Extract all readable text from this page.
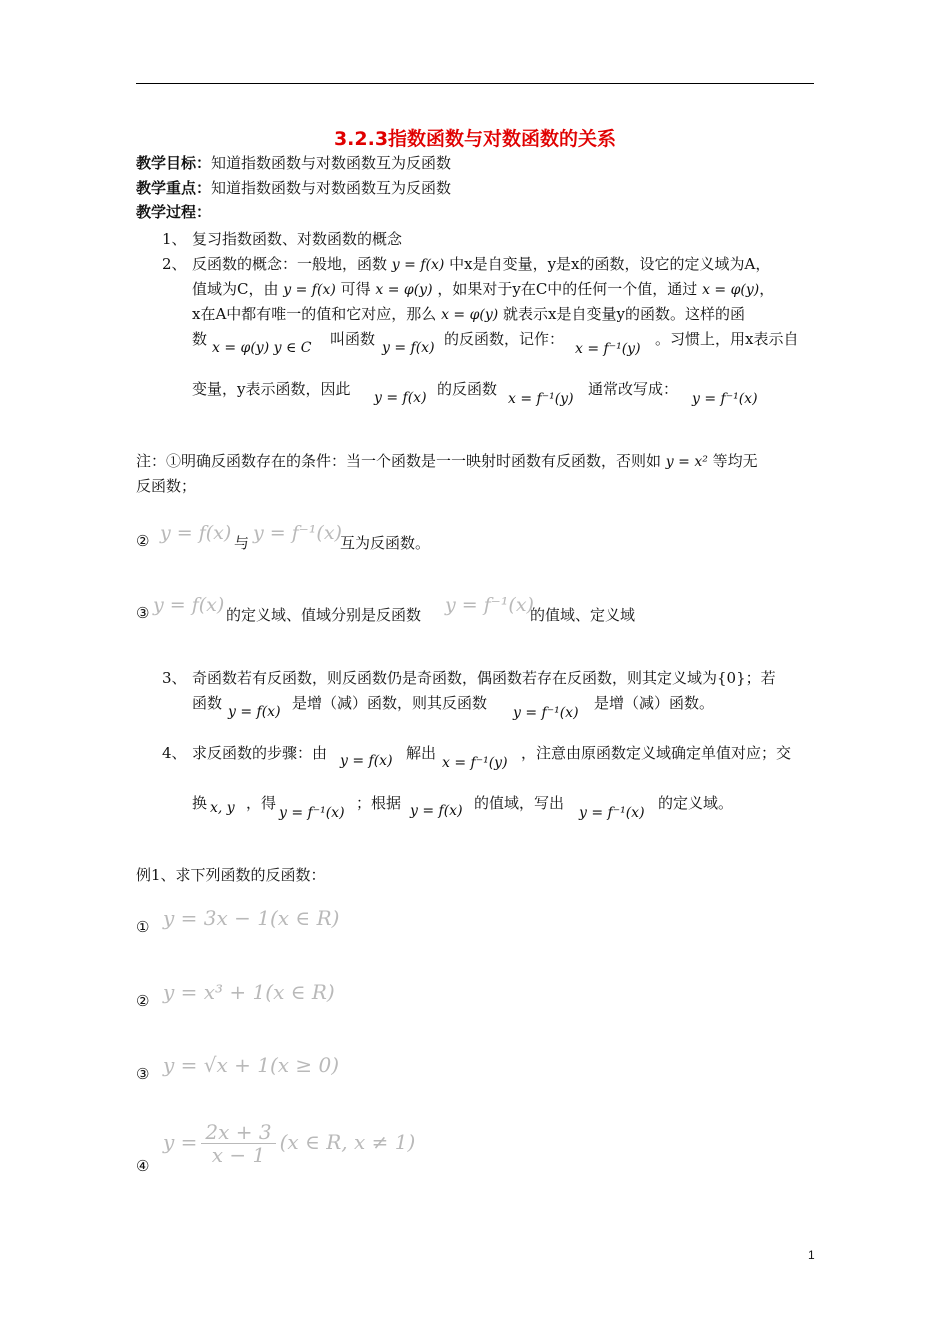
3.2.3指数函数与对数函数的关系
教学目标：知道指数函数与对数函数互为反函数
教学重点：知道指数函数与对数函数互为反函数
教学过程：
1、 复习指数函数、对数函数的概念
2、 反函数的概念：一般地，函数 y = f(x) 中x是自变量，y是x的函数，设它的定义域为A，
值域为C，由 y = f(x) 可得 x = φ(y) ，如果对于y在C中的任何一个值，通过 x = φ(y)，
x在A中都有唯一的值和它对应，那么 x = φ(y) 就表示x是自变量y的函数。这样的函
数 x = φ(y) y ∈ C 叫函数 y = f(x) 的反函数，记作：
x = f⁻¹(y)
。习惯上，用x表示自
变量，y表示函数，因此 y = f(x) 的反函数
x = f⁻¹(y)
通常改写成：
y = f⁻¹(x)
注：①明确反函数存在的条件：当一个函数是一一映射时函数有反函数，否则如 y = x² 等均无
反函数；
② y = f(x) 与 y = f⁻¹(x)
互为反函数。
③ y = f(x) 的定义域、值域分别是反函数 y = f⁻¹(x)
的值域、定义域
3、 奇函数若有反函数，则反函数仍是奇函数，偶函数若存在反函数，则其定义域为{0}；若
函数 y = f(x) 是增（减）函数，则其反函数
y = f⁻¹(x)
是增（减）函数。
4、 求反函数的步骤：由 y = f(x) 解出
x = f⁻¹(y)
，注意由原函数定义域确定单值对应；交
换 x, y ，得
y = f⁻¹(x)
；根据 y = f(x) 的值域，写出
y = f⁻¹(x)
的定义域。
例1、求下列函数的反函数：
① y = 3x − 1(x ∈ R)
② y = x³ + 1(x ∈ R)
③ y = √x + 1(x ≥ 0)
④
$y = \frac{2x + 3}{x - 1} (x$ ∈ R, x ≠ 1)
1
